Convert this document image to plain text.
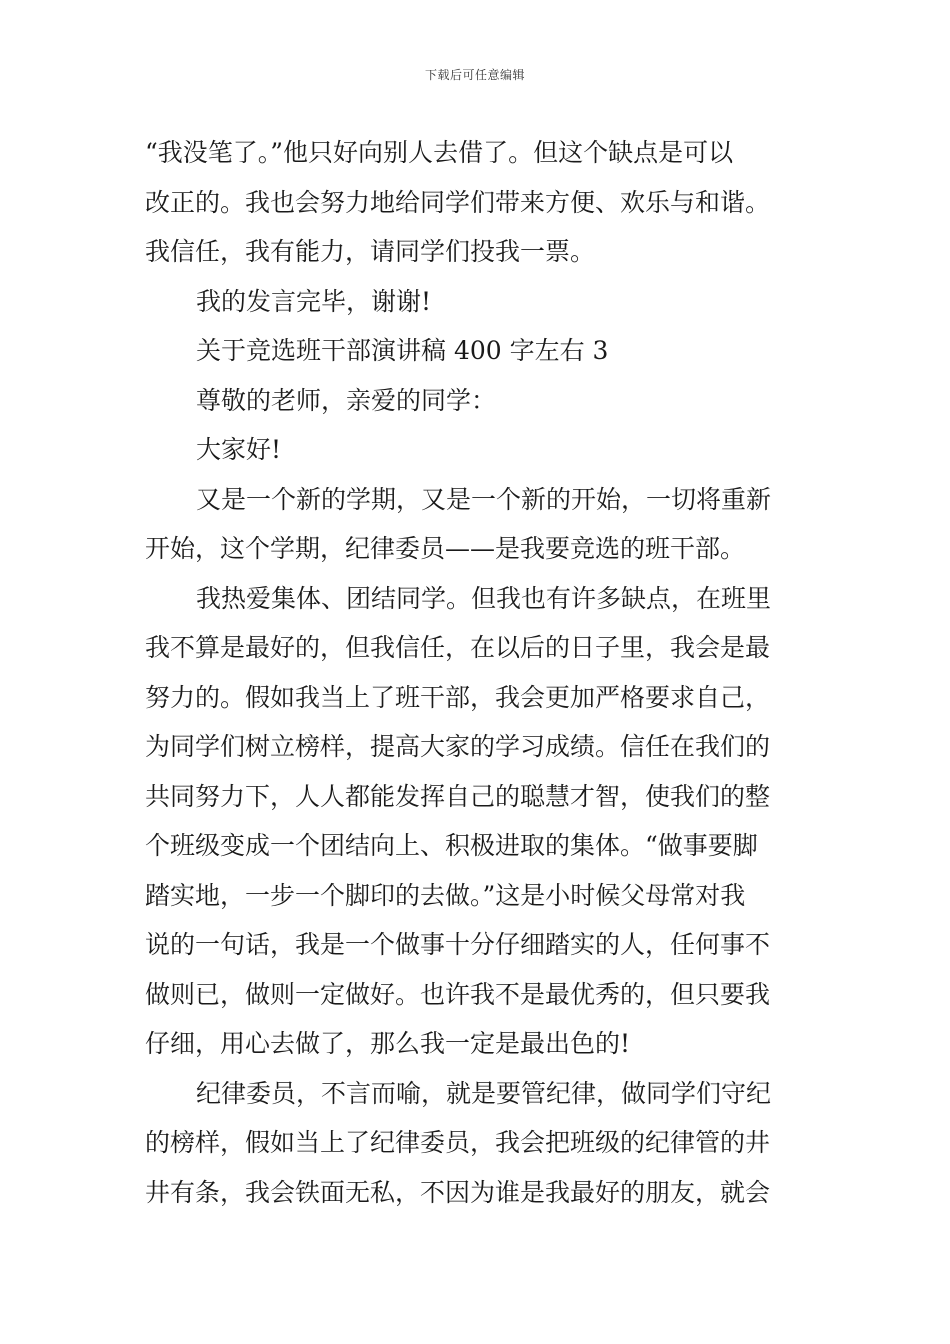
下载后可任意编辑
“我没笔了。”他只好向别人去借了。但这个缺点是可以
改正的。我也会努力地给同学们带来方便、欢乐与和谐。
我信任，我有能力，请同学们投我一票。
我的发言完毕，谢谢!
关于竞选班干部演讲稿 400 字左右 3
尊敬的老师，亲爱的同学：
大家好!
又是一个新的学期，又是一个新的开始，一切将重新
开始，这个学期，纪律委员——是我要竞选的班干部。
我热爱集体、团结同学。但我也有许多缺点，在班里
我不算是最好的，但我信任，在以后的日子里，我会是最
努力的。假如我当上了班干部，我会更加严格要求自己，
为同学们树立榜样，提高大家的学习成绩。信任在我们的
共同努力下，人人都能发挥自己的聪慧才智，使我们的整
个班级变成一个团结向上、积极进取的集体。“做事要脚
踏实地，一步一个脚印的去做。”这是小时候父母常对我
说的一句话，我是一个做事十分仔细踏实的人，任何事不
做则已，做则一定做好。也许我不是最优秀的，但只要我
仔细，用心去做了，那么我一定是最出色的!
纪律委员，不言而喻，就是要管纪律，做同学们守纪
的榜样，假如当上了纪律委员，我会把班级的纪律管的井
井有条，我会铁面无私，不因为谁是我最好的朋友，就会
